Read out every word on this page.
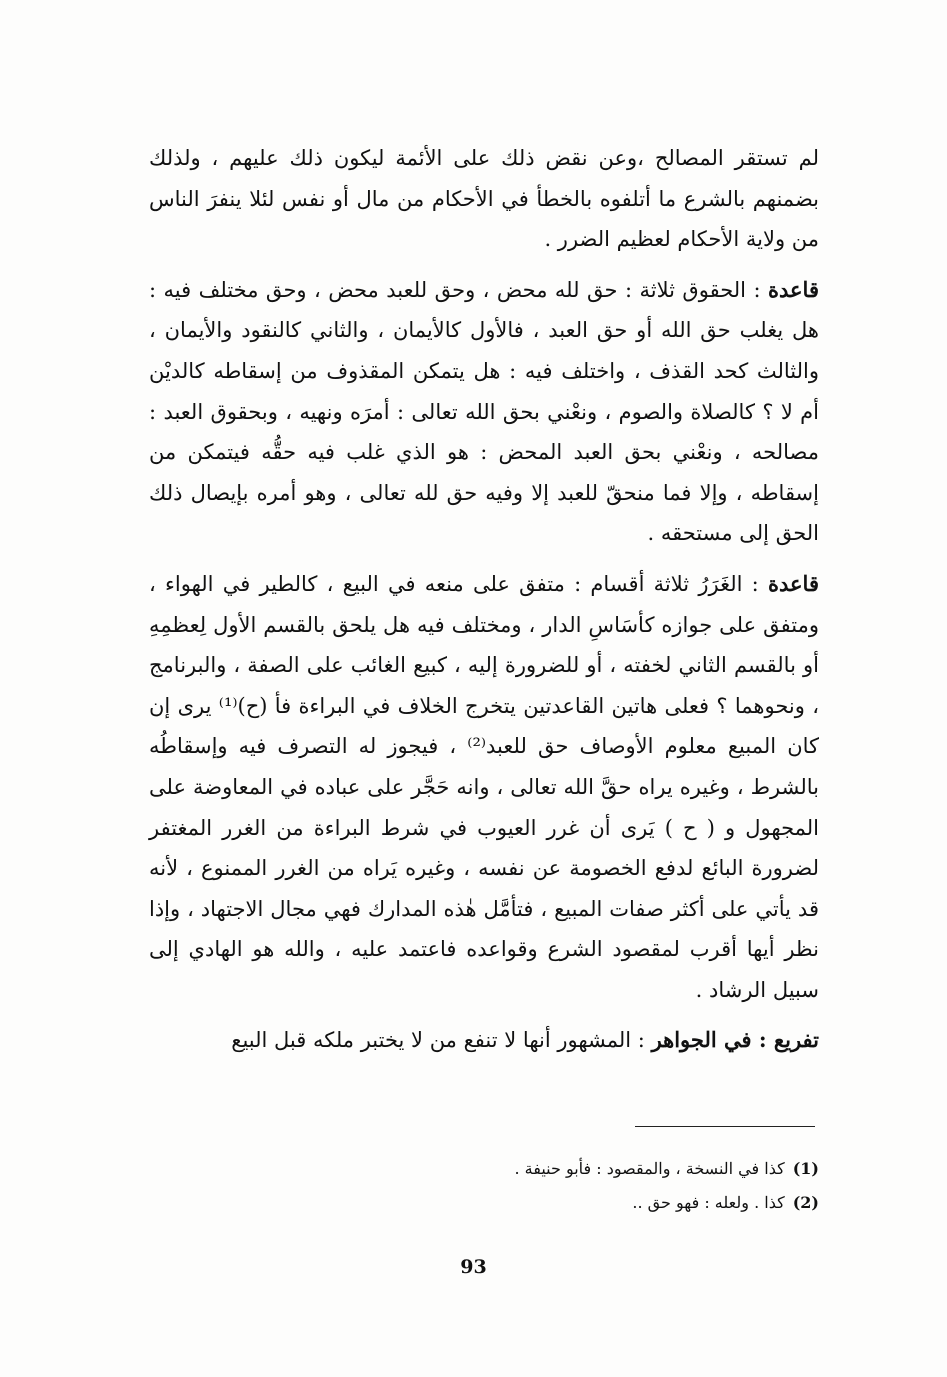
لم تستقر المصالح ،وعن نقض ذلك على الأئمة ليكون ذلك عليهم ، ولذلك بضمنهم بالشرع ما أتلفوه بالخطأ في الأحكام من مال أو نفس لئلا ينفرَ الناس من ولاية الأحكام لعظيم الضرر .

قاعدة : الحقوق ثلاثة : حق لله محض ، وحق للعبد محض ، وحق مختلف فيه : هل يغلب حق الله أو حق العبد ، فالأول كالأيمان ، والثاني كالنقود والأيمان ، والثالث كحد القذف ، واختلف فيه : هل يتمكن المقذوف من إسقاطه كالديْن أم لا ؟ كالصلاة والصوم ، ونعْني بحق الله تعالى : أمرَه ونهيه ، وبحقوق العبد : مصالحه ، ونعْني بحق العبد المحض : هو الذي غلب فيه حقُّه فيتمكن من إسقاطه ، وإلا فما منحقّ للعبد إلا وفيه حق لله تعالى ، وهو أمره بإيصال ذلك الحق إلى مستحقه .

قاعدة : الغَرَرُ ثلاثة أقسام : متفق على منعه في البيع ، كالطير في الهواء ، ومتفق على جوازه كأسَاسِ الدار ، ومختلف فيه هل يلحق بالقسم الأول لِعظمِهِ أو بالقسم الثاني لخفته ، أو للضرورة إليه ، كبيع الغائب على الصفة ، والبرنامج ، ونحوهما ؟ فعلى هاتين القاعدتين يتخرج الخلاف في البراءة فأ (ح)⁽¹⁾ يرى إن كان المبيع معلوم الأوصاف حق للعبد⁽²⁾ ، فيجوز له التصرف فيه وإسقاطُه بالشرط ، وغيره يراه حقَّ الله تعالى ، وانه حَجَّر على عباده في المعاوضة على المجهول و ( ح ) يَرى أن غرر العيوب في شرط البراءة من الغرر المغتفر لضرورة البائع لدفع الخصومة عن نفسه ، وغيره يَراه من الغرر الممنوع ، لأنه قد يأتي على أكثر صفات المبيع ، فتأمَّل هٰذه المدارك فهي مجال الاجتهاد ، وإذا نظر أيها أقرب لمقصود الشرع وقواعده فاعتمد عليه ، والله هو الهادي إلى سبيل الرشاد .

تفريع : في الجواهر : المشهور أنها لا تنفع من لا يختبر ملكه قبل البيع

(1)كذا في النسخة ، والمقصود : فأبو حنيفة .

(2)كذا . ولعله : فهو حق ..

93
